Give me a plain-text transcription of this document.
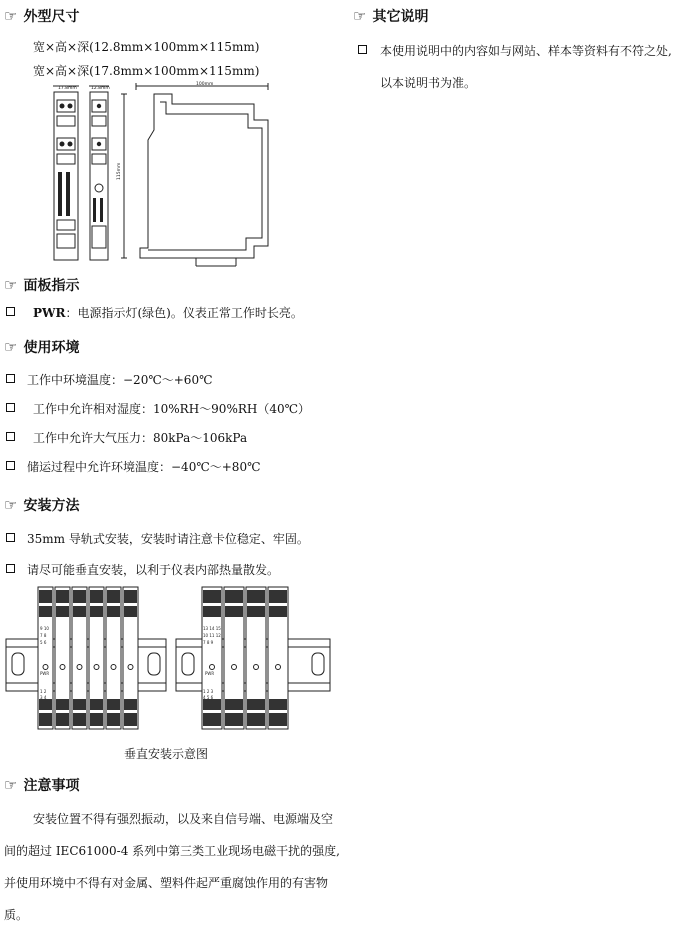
☞ 外型尺寸
宽×高×深(12.8mm×100mm×115mm)
宽×高×深(17.8mm×100mm×115mm)
17.8mm	12.8mm
100mm
115mm
☞ 面板指示
PWR：电源指示灯(绿色)。仪表正常工作时长亮。
☞ 使用环境
工作中环境温度：−20℃～+60℃
工作中允许相对湿度：10%RH～90%RH（40℃）
工作中允许大气压力：80kPa～106kPa
储运过程中允许环境温度：−40℃～+80℃
☞ 安装方法
35mm 导轨式安装，安装时请注意卡位稳定、牢固。
请尽可能垂直安装，以利于仪表内部热量散发。
9 10
7 8
5 6
PWR
1 2
3 4
13 14 15
10 11 12
7 8 9
PWR
1 2 3
4 5 6
垂直安装示意图
☞ 注意事项
安装位置不得有强烈振动，以及来自信号端、电源端及空
间的超过 IEC61000-4 系列中第三类工业现场电磁干扰的强度,
并使用环境中不得有对金属、塑料件起严重腐蚀作用的有害物
质。
☞ 其它说明
本使用说明中的内容如与网站、样本等资料有不符之处,
以本说明书为准。
